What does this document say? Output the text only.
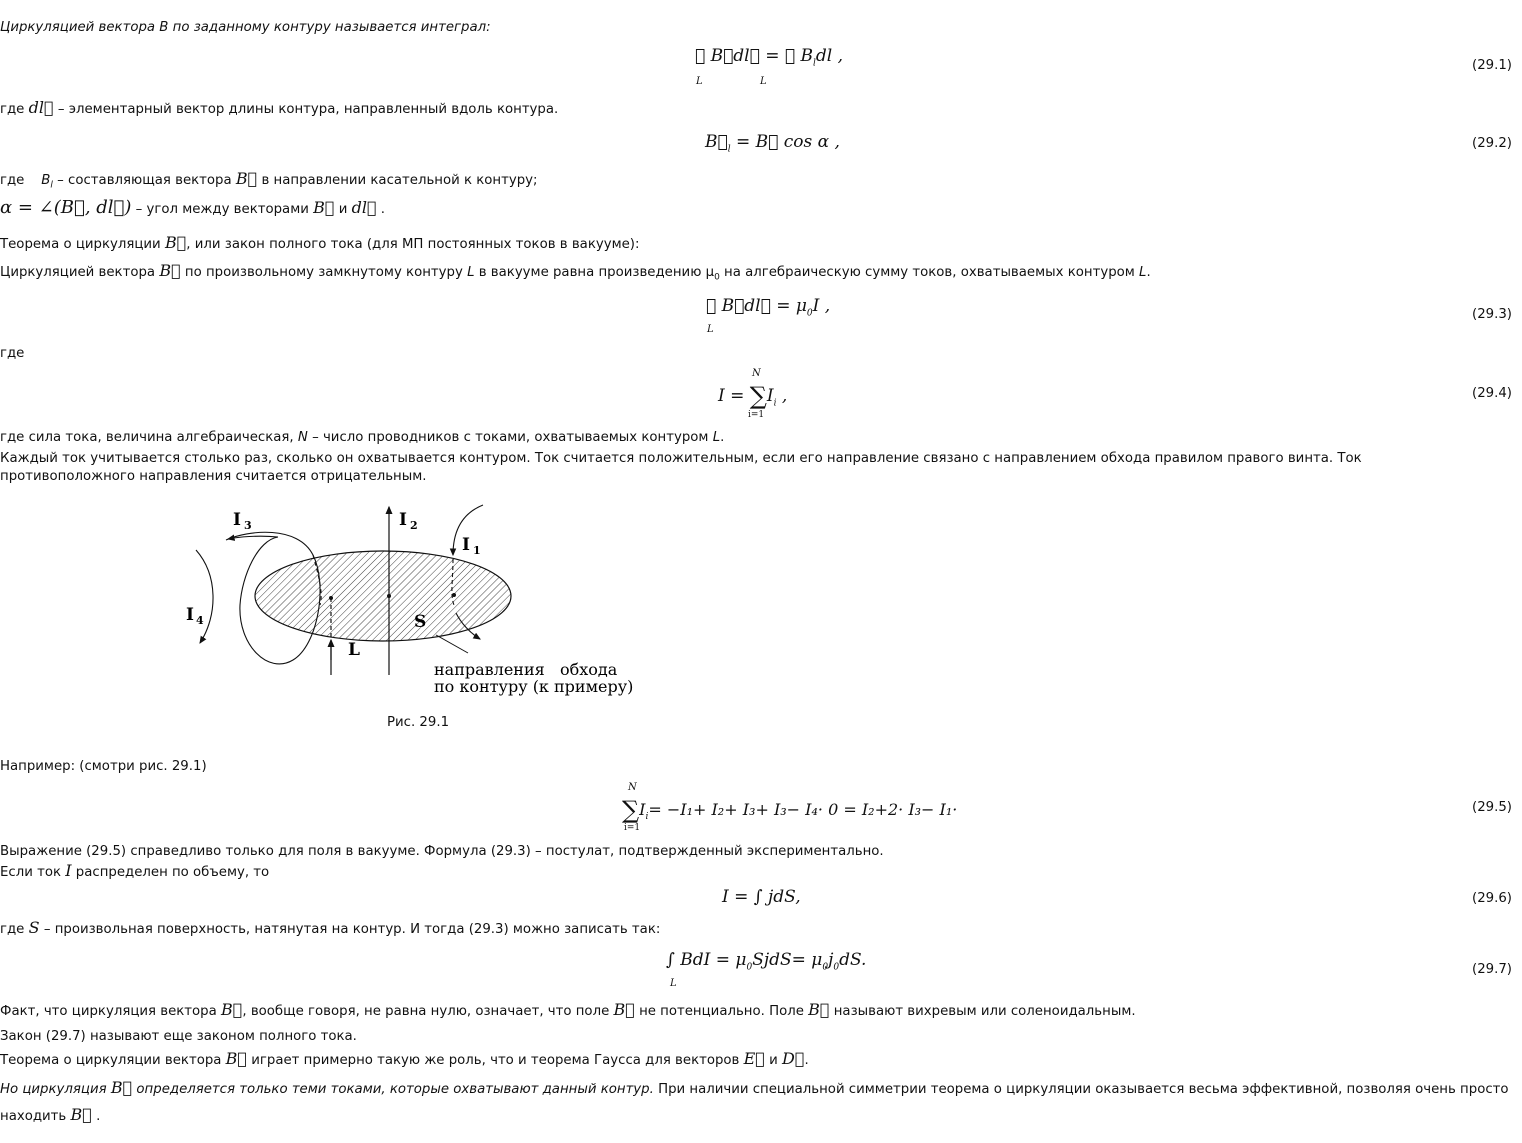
Циркуляцией вектора В по заданному контуру называется интеграл:
∮ B⃗dl⃗ = ∮ $B_ldl$ ,
L	L
(29.1)
где dl⃗ – элементарный вектор длины контура, направленный вдоль контура.
$B⃗_l$ = B⃗ cos α ,	(29.2)
где $B_l$ – составляющая вектора B⃗ в направлении касательной к контуру;
α = ∠(B⃗, dl⃗) – угол между векторами B⃗ и dl⃗ .
Теорема о циркуляции B⃗, или закон полного тока (для МП постоянных токов в вакууме):
Циркуляцией вектора B⃗ по произвольному замкнутому контуру L в вакууме равна произведению $\mu_0$ на алгебраическую сумму токов, охватываемых контуром L.
∮ B⃗dl⃗ = $\mu_0I$ ,
L
(29.3)
где
$I = \sum I_i$ ,
N
i=1
(29.4)
где сила тока, величина алгебраическая, N – число проводников с токами, охватываемых контуром L.
Каждый ток учитывается столько раз, сколько он охватывается контуром. Ток считается положительным, если его направление связано с направлением обхода правилом правого винта. Ток противоположного направления считается отрицательным.
I 3	I 2
I 1
I 4	S
L
направления   обхода
по контуру (к примеру)
Рис. 29.1
Например: (смотри рис. 29.1)
$\sum I_i= -I_1+ I_2+ I_3+ I_3- I_4\cdot 0 = I_2+2\cdot I_3- I_1\cdot$
N
i=1
(29.5)
Выражение (29.5) справедливо только для поля в вакууме. Формула (29.3) – постулат, подтвержденный экспериментально.
Если ток I распределен по объему, то
I = ∫ jdS,	(29.6)
где S – произвольная поверхность, натянутая на контур. И тогда (29.3) можно записать так:
∫ BdI = $\mu_0SjdS= \mu_0j_0dS$.
L
(29.7)
Факт, что циркуляция вектора B⃗, вообще говоря, не равна нулю, означает, что поле B⃗ не потенциально. Поле B⃗ называют вихревым или соленоидальным.
Закон (29.7) называют еще законом полного тока.
Теорема о циркуляции вектора B⃗ играет примерно такую же роль, что и теорема Гаусса для векторов E⃗ и D⃗.
Но циркуляция B⃗ определяется только теми токами, которые охватывают данный контур. При наличии специальной симметрии теорема о циркуляции оказывается весьма эффективной, позволяя очень просто
находить B⃗ .
